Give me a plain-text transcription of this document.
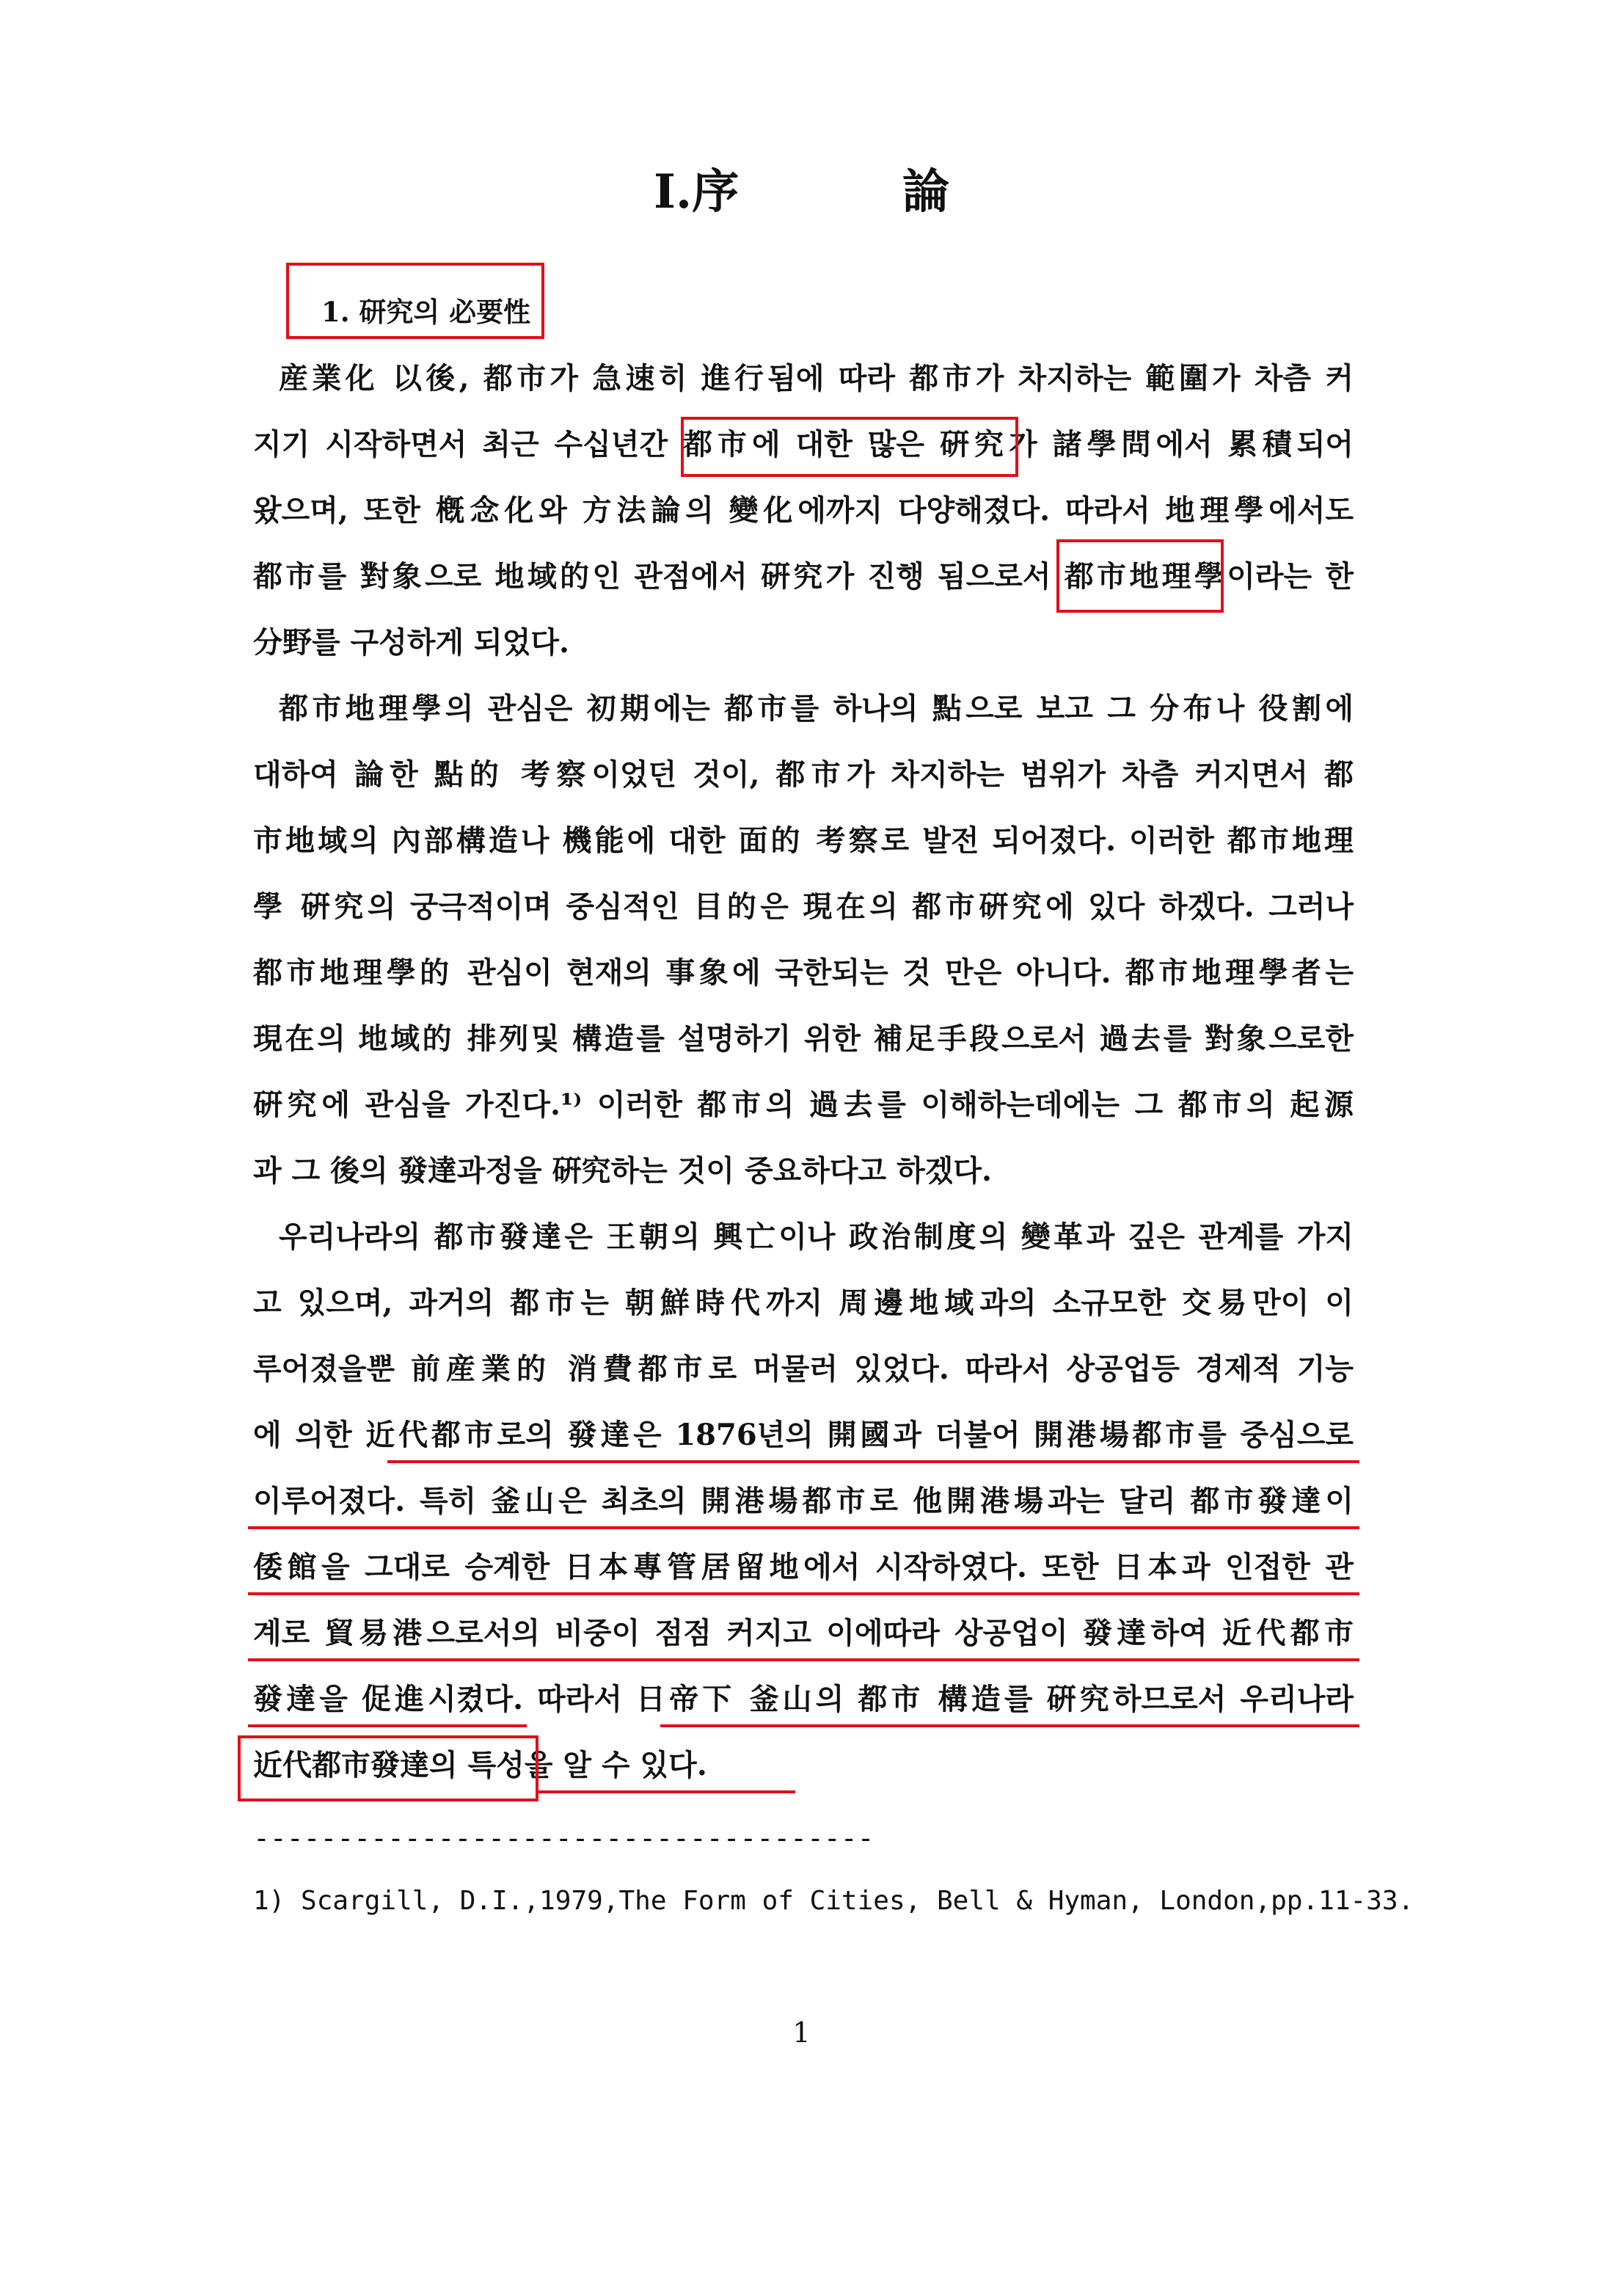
I.序          論
1. 研究의 必要性
産業化 以後, 都市가 急速히 進行됨에 따라 都市가 차지하는 範圍가 차츰 커
지기 시작하면서 최근 수십년간 都市에 대한 많은 硏究가 諸學問에서 累積되어
왔으며, 또한 槪念化와 方法論의 變化에까지 다양해졌다. 따라서 地理學에서도
都市를 對象으로 地域的인 관점에서 硏究가 진행 됨으로서 都市地理學이라는 한
分野를 구성하게 되었다.
都市地理學의 관심은 初期에는 都市를 하나의 點으로 보고 그 分布나 役割에
대하여 論한 點的 考察이었던 것이, 都市가 차지하는 범위가 차츰 커지면서 都
市地域의 內部構造나 機能에 대한 面的 考察로 발전 되어졌다. 이러한 都市地理
學 硏究의 궁극적이며 중심적인 目的은 現在의 都市硏究에 있다 하겠다. 그러나
都市地理學的 관심이 현재의 事象에 국한되는 것 만은 아니다. 都市地理學者는
現在의 地域的 排列및 構造를 설명하기 위한 補足手段으로서 過去를 對象으로한
硏究에 관심을 가진다.¹⁾ 이러한 都市의 過去를 이해하는데에는 그 都市의 起源
과 그 後의 發達과정을 硏究하는 것이 중요하다고 하겠다.
우리나라의 都市發達은 王朝의 興亡이나 政治制度의 變革과 깊은 관계를 가지
고 있으며, 과거의 都市는 朝鮮時代까지 周邊地域과의 소규모한 交易만이 이
루어졌을뿐 前産業的 消費都市로 머물러 있었다. 따라서 상공업등 경제적 기능
에 의한 近代都市로의 發達은 1876년의 開國과 더불어 開港場都市를 중심으로
이루어졌다. 특히 釜山은 최초의 開港場都市로 他開港場과는 달리 都市發達이
倭館을 그대로 승계한 日本專管居留地에서 시작하였다. 또한 日本과 인접한 관
계로 貿易港으로서의 비중이 점점 커지고 이에따라 상공업이 發達하여 近代都市
發達을 促進시켰다. 따라서 日帝下 釜山의 都市 構造를 硏究하므로서 우리나라
近代都市發達의 특성을 알 수 있다.
-------------------------------------
1) Scargill, D.I.,1979,The Form of Cities, Bell & Hyman, London,pp.11-33.
1
